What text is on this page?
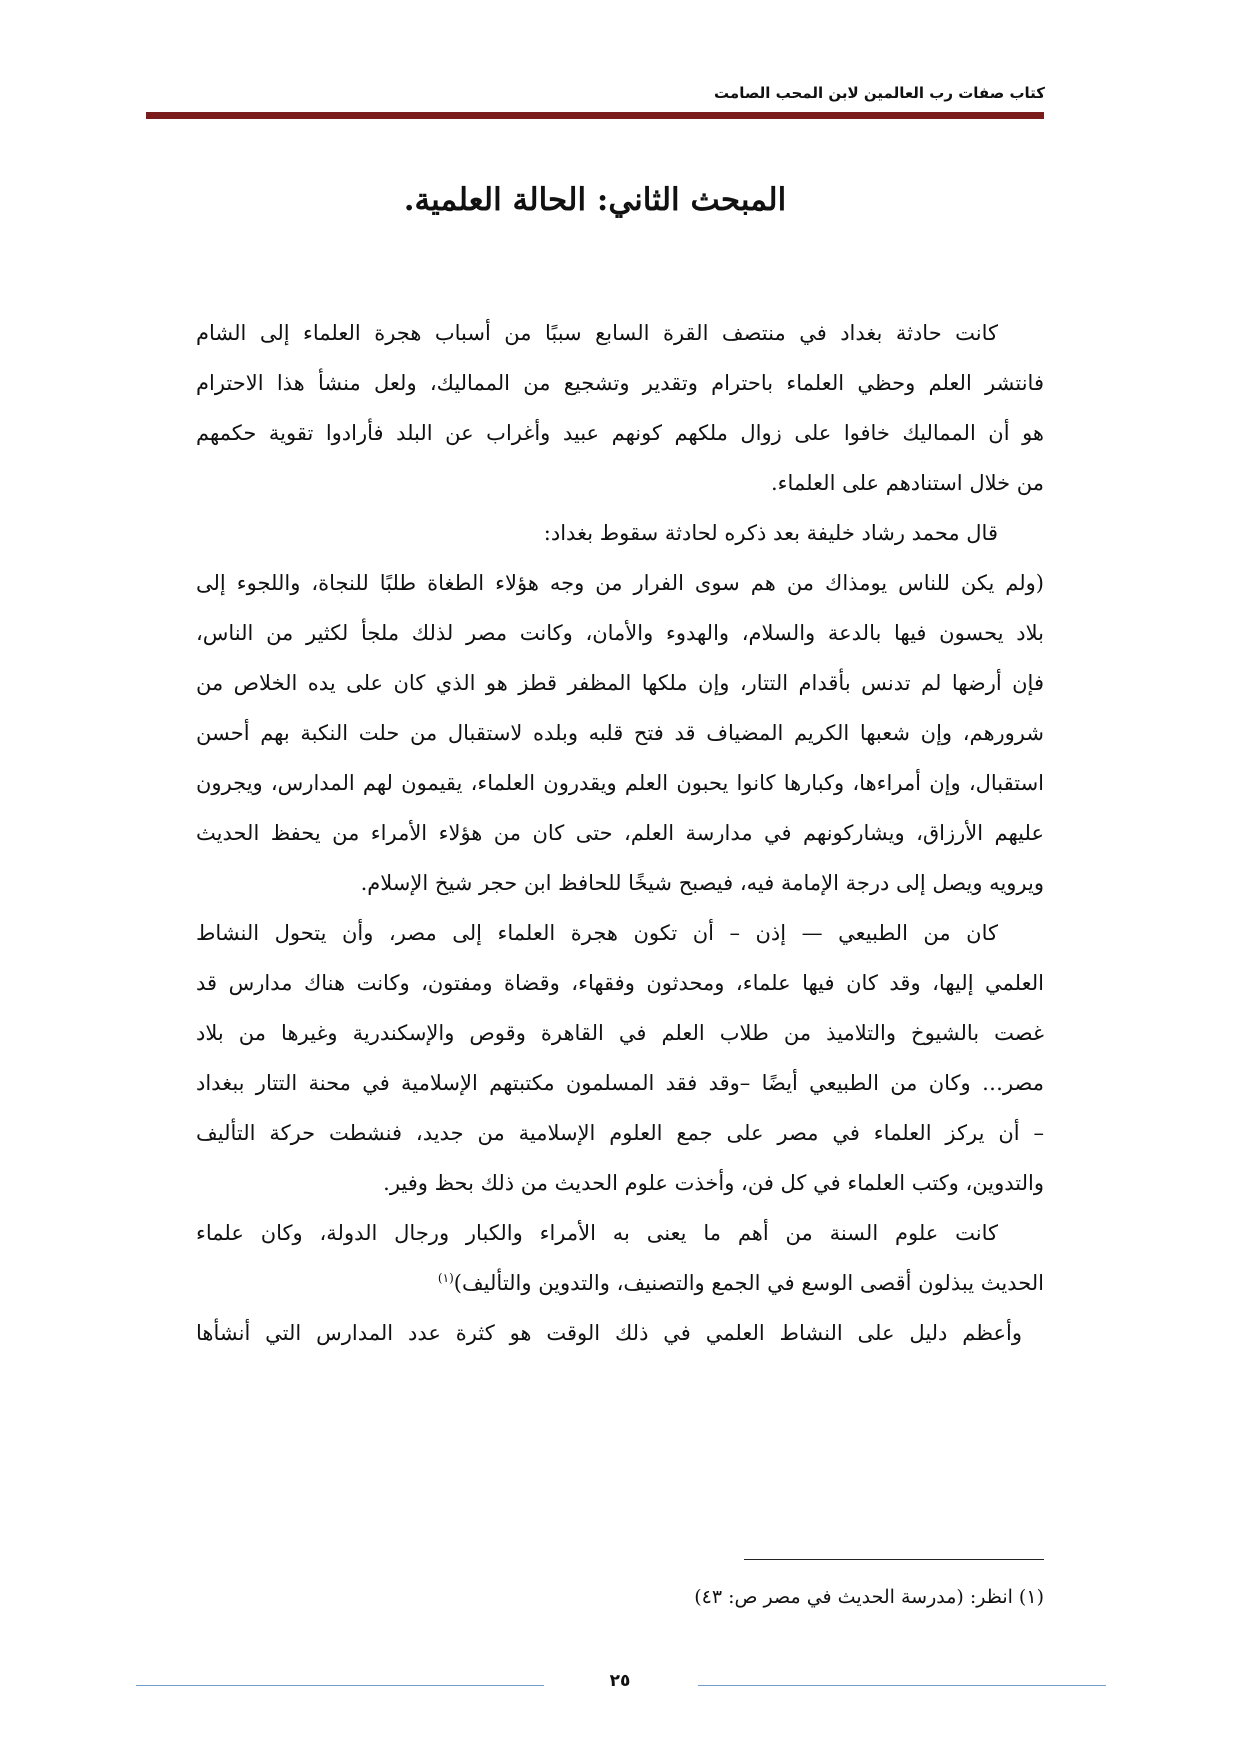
كتاب صفات رب العالمين لابن المحب الصامت
المبحث الثاني: الحالة العلمية.
كانت حادثة بغداد في منتصف القرة السابع سببًا من أسباب هجرة العلماء إلى الشام
فانتشر العلم وحظي العلماء باحترام وتقدير وتشجيع من المماليك، ولعل منشأ هذا الاحترام
هو أن المماليك خافوا على زوال ملكهم كونهم عبيد وأغراب عن البلد فأرادوا تقوية حكمهم
من خلال استنادهم على العلماء.
قال محمد رشاد خليفة بعد ذكره لحادثة سقوط بغداد:
(ولم يكن للناس يومذاك من هم سوى الفرار من وجه هؤلاء الطغاة طلبًا للنجاة، واللجوء إلى
بلاد يحسون فيها بالدعة والسلام، والهدوء والأمان، وكانت مصر لذلك ملجأ لكثير من الناس،
فإن أرضها لم تدنس بأقدام التتار، وإن ملكها المظفر قطز هو الذي كان على يده الخلاص من
شرورهم، وإن شعبها الكريم المضياف قد فتح قلبه وبلده لاستقبال من حلت النكبة بهم أحسن
استقبال، وإن أمراءها، وكبارها كانوا يحبون العلم ويقدرون العلماء، يقيمون لهم المدارس، ويجرون
عليهم الأرزاق، ويشاركونهم في مدارسة العلم، حتى كان من هؤلاء الأمراء من يحفظ الحديث
ويرويه ويصل إلى درجة الإمامة فيه، فيصبح شيخًا للحافظ ابن حجر شيخ الإسلام.
كان من الطبيعي — إذن – أن تكون هجرة العلماء إلى مصر، وأن يتحول النشاط
العلمي إليها، وقد كان فيها علماء، ومحدثون وفقهاء، وقضاة ومفتون، وكانت هناك مدارس قد
غصت بالشيوخ والتلاميذ من طلاب العلم في القاهرة وقوص والإسكندرية وغيرها من بلاد
مصر… وكان من الطبيعي أيضًا –وقد فقد المسلمون مكتبتهم الإسلامية في محنة التتار ببغداد
– أن يركز العلماء في مصر على جمع العلوم الإسلامية من جديد، فنشطت حركة التأليف
والتدوين، وكتب العلماء في كل فن، وأخذت علوم الحديث من ذلك بحظ وفير.
كانت علوم السنة من أهم ما يعنى به الأمراء والكبار ورجال الدولة، وكان علماء
الحديث يبذلون أقصى الوسع في الجمع والتصنيف، والتدوين والتأليف)$^{(١)}$
وأعظم دليل على النشاط العلمي في ذلك الوقت هو كثرة عدد المدارس التي أنشأها
(١) انظر: (مدرسة الحديث في مصر ص: ٤٣)
٢٥
